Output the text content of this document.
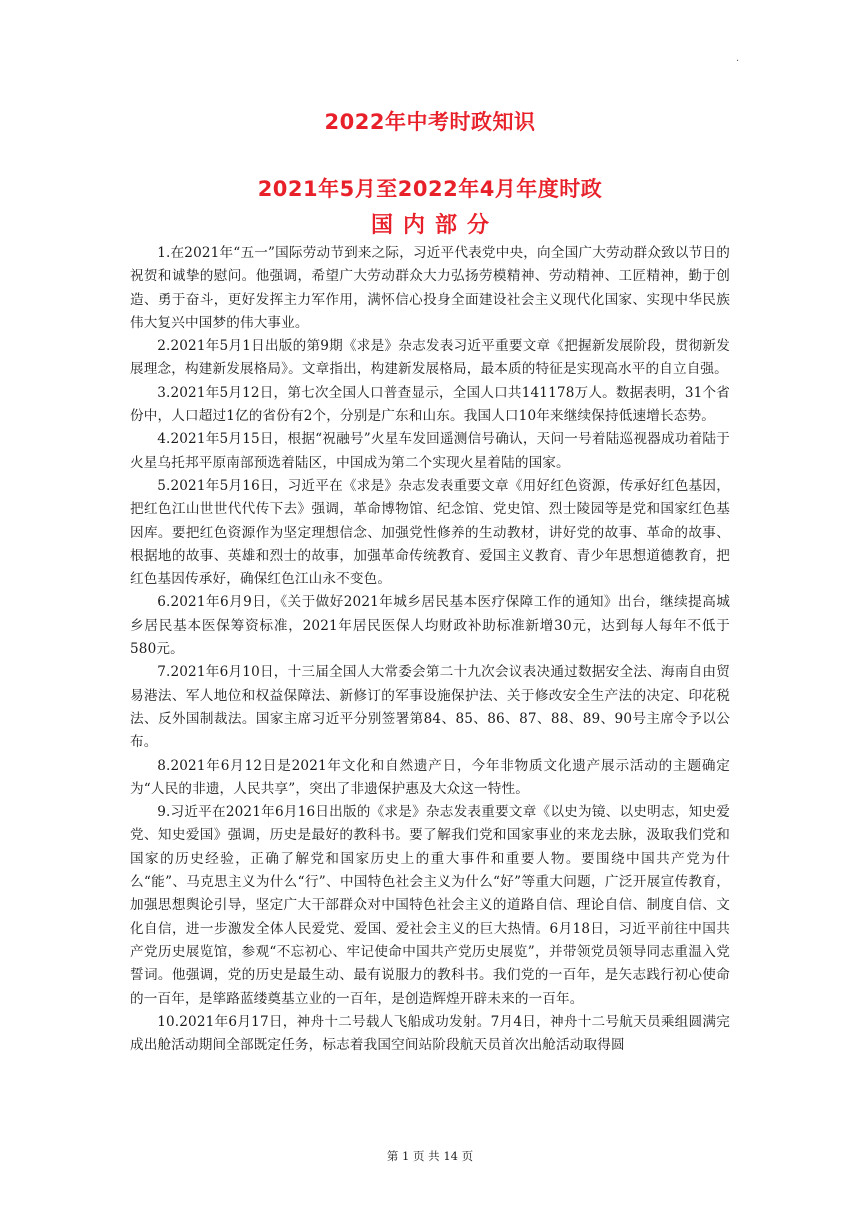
·
2022年中考时政知识
2021年5月至2022年4月年度时政
国内部分

1.在2021年“五一”国际劳动节到来之际，习近平代表党中央，向全国广大劳动群众致以节日的祝贺和诚挚的慰问。他强调，希望广大劳动群众大力弘扬劳模精神、劳动精神、工匠精神，勤于创造、勇于奋斗，更好发挥主力军作用，满怀信心投身全面建设社会主义现代化国家、实现中华民族伟大复兴中国梦的伟大事业。

2.2021年5月1日出版的第9期《求是》杂志发表习近平重要文章《把握新发展阶段，贯彻新发展理念，构建新发展格局》。文章指出，构建新发展格局，最本质的特征是实现高水平的自立自强。

3.2021年5月12日，第七次全国人口普查显示，全国人口共141178万人。数据表明，31个省份中，人口超过1亿的省份有2个，分别是广东和山东。我国人口10年来继续保持低速增长态势。

4.2021年5月15日，根据“祝融号”火星车发回遥测信号确认，天问一号着陆巡视器成功着陆于火星乌托邦平原南部预选着陆区，中国成为第二个实现火星着陆的国家。

5.2021年5月16日，习近平在《求是》杂志发表重要文章《用好红色资源，传承好红色基因，把红色江山世世代代传下去》强调，革命博物馆、纪念馆、党史馆、烈士陵园等是党和国家红色基因库。要把红色资源作为坚定理想信念、加强党性修养的生动教材，讲好党的故事、革命的故事、根据地的故事、英雄和烈士的故事，加强革命传统教育、爱国主义教育、青少年思想道德教育，把红色基因传承好，确保红色江山永不变色。

6.2021年6月9日，《关于做好2021年城乡居民基本医疗保障工作的通知》出台，继续提高城乡居民基本医保筹资标准，2021年居民医保人均财政补助标准新增30元，达到每人每年不低于580元。

7.2021年6月10日，十三届全国人大常委会第二十九次会议表决通过数据安全法、海南自由贸易港法、军人地位和权益保障法、新修订的军事设施保护法、关于修改安全生产法的决定、印花税法、反外国制裁法。国家主席习近平分别签署第84、85、86、87、88、89、90号主席令予以公布。

8.2021年6月12日是2021年文化和自然遗产日，今年非物质文化遗产展示活动的主题确定为“人民的非遗，人民共享”，突出了非遗保护惠及大众这一特性。

9.习近平在2021年6月16日出版的《求是》杂志发表重要文章《以史为镜、以史明志，知史爱党、知史爱国》强调，历史是最好的教科书。要了解我们党和国家事业的来龙去脉，汲取我们党和国家的历史经验，正确了解党和国家历史上的重大事件和重要人物。要围绕中国共产党为什么“能”、马克思主义为什么“行”、中国特色社会主义为什么“好”等重大问题，广泛开展宣传教育，加强思想舆论引导，坚定广大干部群众对中国特色社会主义的道路自信、理论自信、制度自信、文化自信，进一步激发全体人民爱党、爱国、爱社会主义的巨大热情。6月18日，习近平前往中国共产党历史展览馆，参观“不忘初心、牢记使命中国共产党历史展览”，并带领党员领导同志重温入党誓词。他强调，党的历史是最生动、最有说服力的教科书。我们党的一百年，是矢志践行初心使命的一百年，是筚路蓝缕奠基立业的一百年，是创造辉煌开辟未来的一百年。

10.2021年6月17日，神舟十二号载人飞船成功发射。7月4日，神舟十二号航天员乘组圆满完成出舱活动期间全部既定任务，标志着我国空间站阶段航天员首次出舱活动取得圆

第 1 页 共 14 页
